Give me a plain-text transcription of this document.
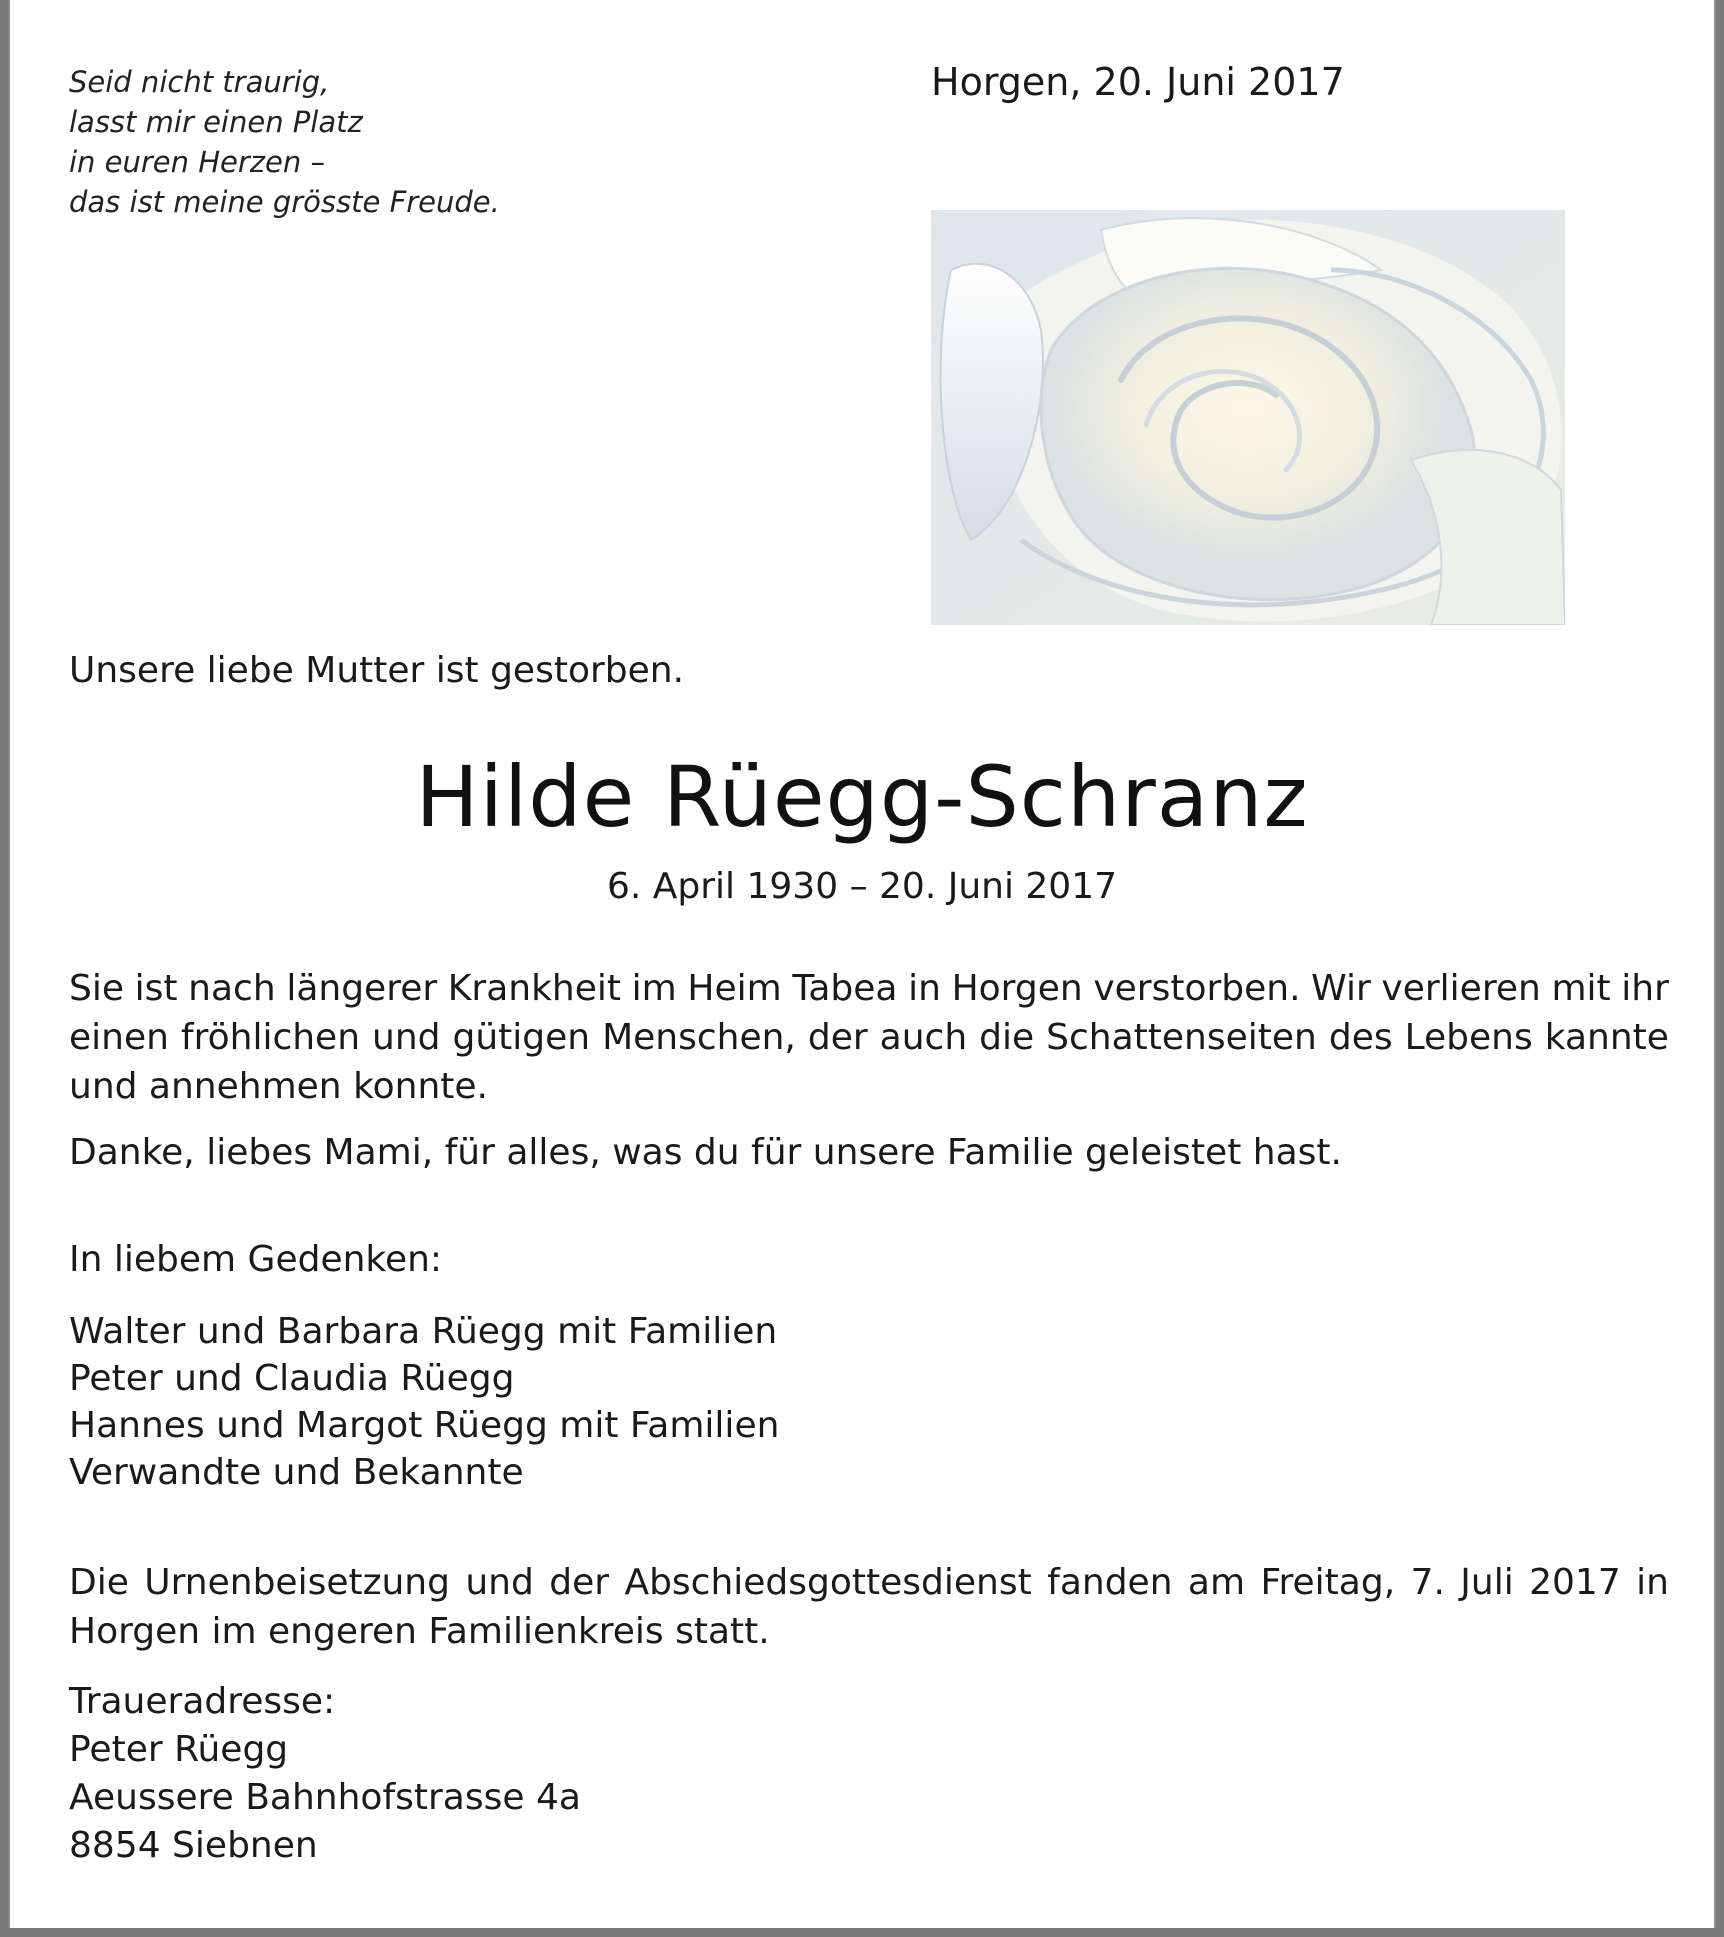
Seid nicht traurig,
lasst mir einen Platz
in euren Herzen –
das ist meine grösste Freude.
Horgen, 20. Juni 2017
Unsere liebe Mutter ist gestorben.
Hilde Rüegg-Schranz
6. April 1930 – 20. Juni 2017
Sie ist nach längerer Krankheit im Heim Tabea in Horgen verstorben. Wir verlieren mit ihr
einen fröhlichen und gütigen Menschen, der auch die Schattenseiten des Lebens kannte
und annehmen konnte.
Danke, liebes Mami, für alles, was du für unsere Familie geleistet hast.
In liebem Gedenken:
Walter und Barbara Rüegg mit Familien
Peter und Claudia Rüegg
Hannes und Margot Rüegg mit Familien
Verwandte und Bekannte
Die Urnenbeisetzung und der Abschiedsgottesdienst fanden am Freitag, 7. Juli 2017 in
Horgen im engeren Familienkreis statt.
Traueradresse:
Peter Rüegg
Aeussere Bahnhofstrasse 4a
8854 Siebnen
